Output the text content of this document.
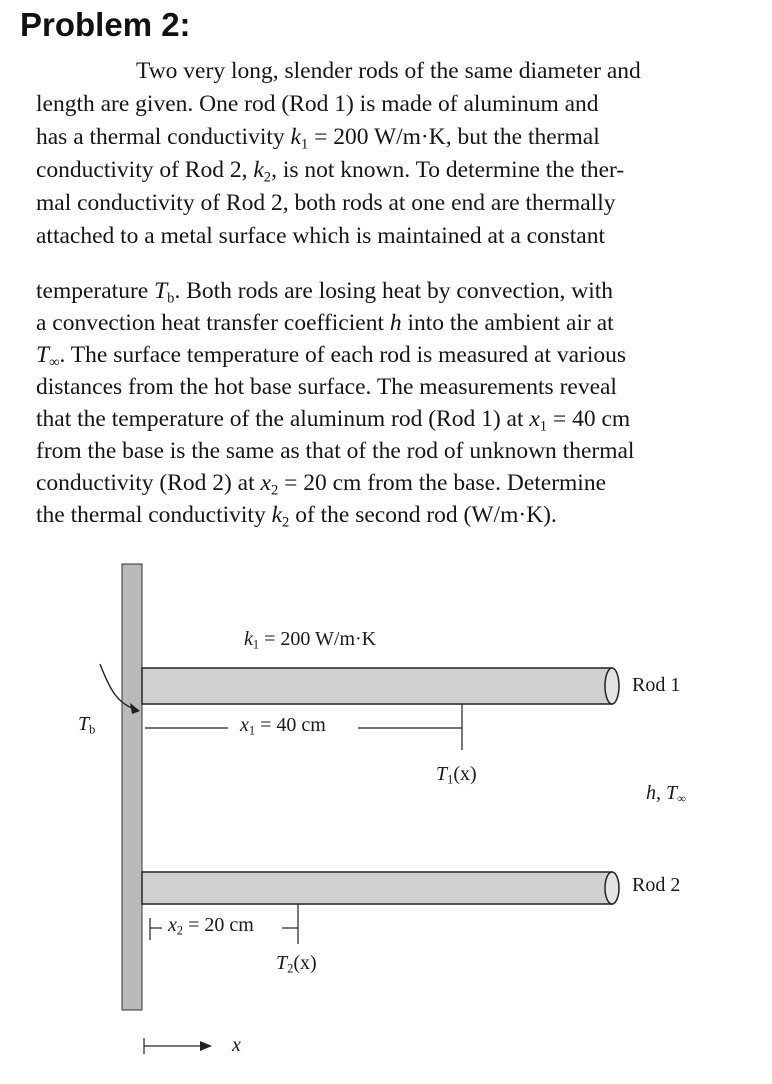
Problem 2:
Two very long, slender rods of the same diameter and
length are given. One rod (Rod 1) is made of aluminum and
has a thermal conductivity $k_1 = 200$ W/m·K, but the thermal
conductivity of Rod 2, $k_2$, is not known. To determine the ther-
mal conductivity of Rod 2, both rods at one end are thermally
attached to a metal surface which is maintained at a constant
temperature $T_b$. Both rods are losing heat by convection, with
a convection heat transfer coefficient h into the ambient air at
$T_\infty$. The surface temperature of each rod is measured at various
distances from the hot base surface. The measurements reveal
that the temperature of the aluminum rod (Rod 1) at $x_1 = 40$ cm
from the base is the same as that of the rod of unknown thermal
conductivity (Rod 2) at $x_2 = 20$ cm from the base. Determine
the thermal conductivity $k_2$ of the second rod (W/m·K).
$k_1 = 200$ W/m·K
$T_b$	$x_1 = 40$ cm
$T_1(x)$
Rod 1
h, $T_\infty$
Rod 2
$x_2 = 20$ cm
$T_2(x)$
x
